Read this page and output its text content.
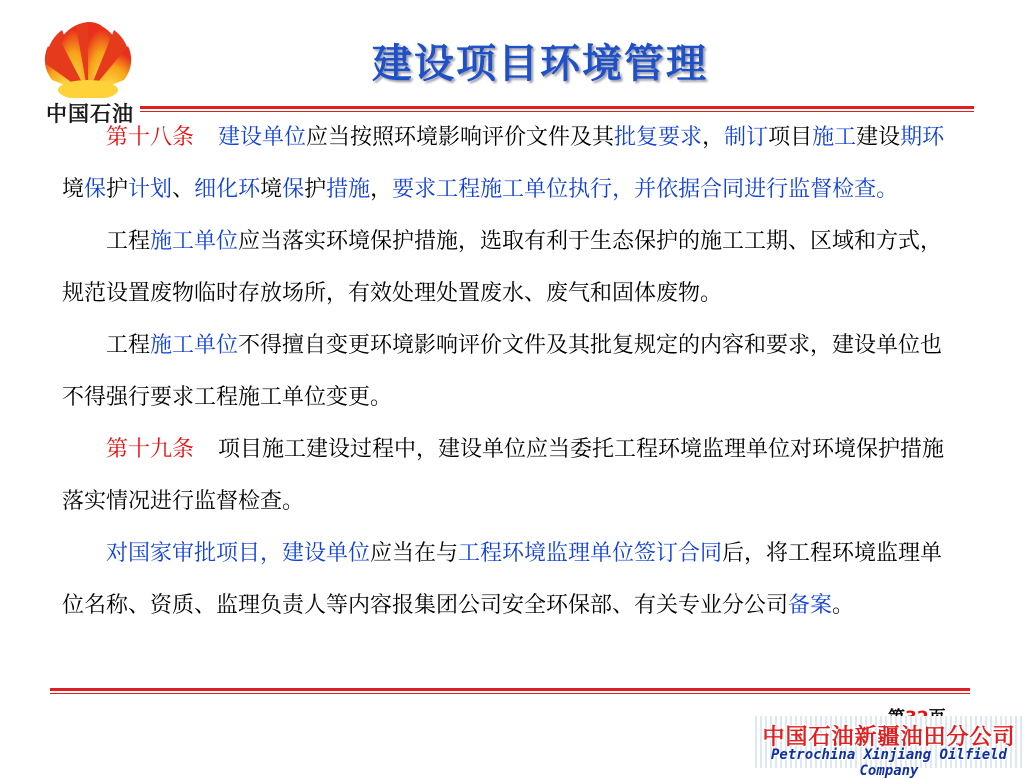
中国石油
建设项目环境管理

第十八条 建设单位应当按照环境影响评价文件及其批复要求，制订项目施工建设期环境保护计划、细化环境保护措施，要求工程施工单位执行，并依据合同进行监督检查。

工程施工单位应当落实环境保护措施，选取有利于生态保护的施工工期、区域和方式，规范设置废物临时存放场所，有效处理处置废水、废气和固体废物。

工程施工单位不得擅自变更环境影响评价文件及其批复规定的内容和要求，建设单位也不得强行要求工程施工单位变更。

第十九条 项目施工建设过程中，建设单位应当委托工程环境监理单位对环境保护措施落实情况进行监督检查。

对国家审批项目，建设单位应当在与工程环境监理单位签订合同后，将工程环境监理单位名称、资质、监理负责人等内容报集团公司安全环保部、有关专业分公司备案。

中国石油新疆油田分公司
Petrochina Xinjiang Oilfield Company
